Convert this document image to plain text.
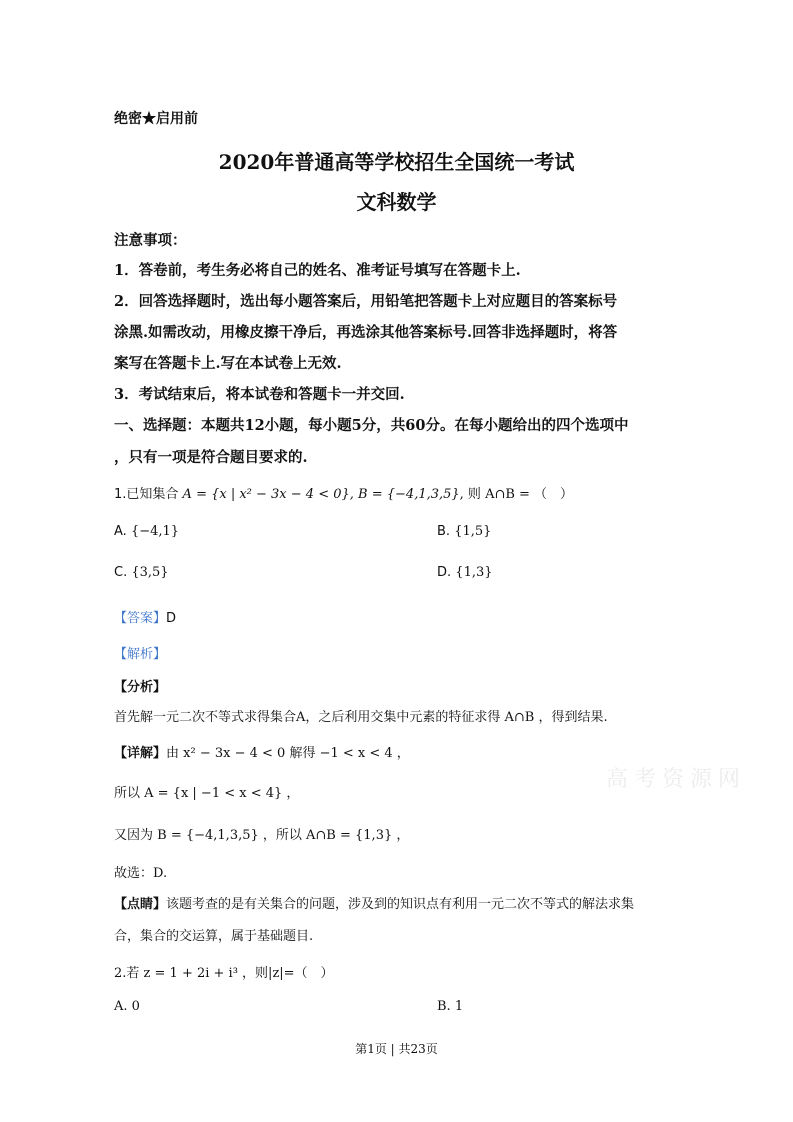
绝密★启用前
2020年普通高等学校招生全国统一考试
文科数学
注意事项：
1．答卷前，考生务必将自己的姓名、准考证号填写在答题卡上.
2．回答选择题时，选出每小题答案后，用铅笔把答题卡上对应题目的答案标号
涂黑.如需改动，用橡皮擦干净后，再选涂其他答案标号.回答非选择题时，将答
案写在答题卡上.写在本试卷上无效.
3．考试结束后，将本试卷和答题卡一并交回.
一、选择题：本题共12小题，每小题5分，共60分。在每小题给出的四个选项中
，只有一项是符合题目要求的.
1.已知集合 A = {x | x² − 3x − 4 < 0}, B = {−4,1,3,5}, 则 A∩B = （　）
A. {−4,1}	B. {1,5}
C. {3,5}	D. {1,3}
【答案】D
【解析】
【分析】
首先解一元二次不等式求得集合A，之后利用交集中元素的特征求得 A∩B ，得到结果.
【详解】由 x² − 3x − 4 < 0 解得 −1 < x < 4 ，
所以 A = {x | −1 < x < 4} ，
又因为 B = {−4,1,3,5} ，所以 A∩B = {1,3} ，
高考资源网
故选：D.
【点睛】该题考查的是有关集合的问题，涉及到的知识点有利用一元二次不等式的解法求集
合，集合的交运算，属于基础题目.
2.若 z = 1 + 2i + i³ ，则|z|=（　）
A. 0	B. 1
第1页 | 共23页
